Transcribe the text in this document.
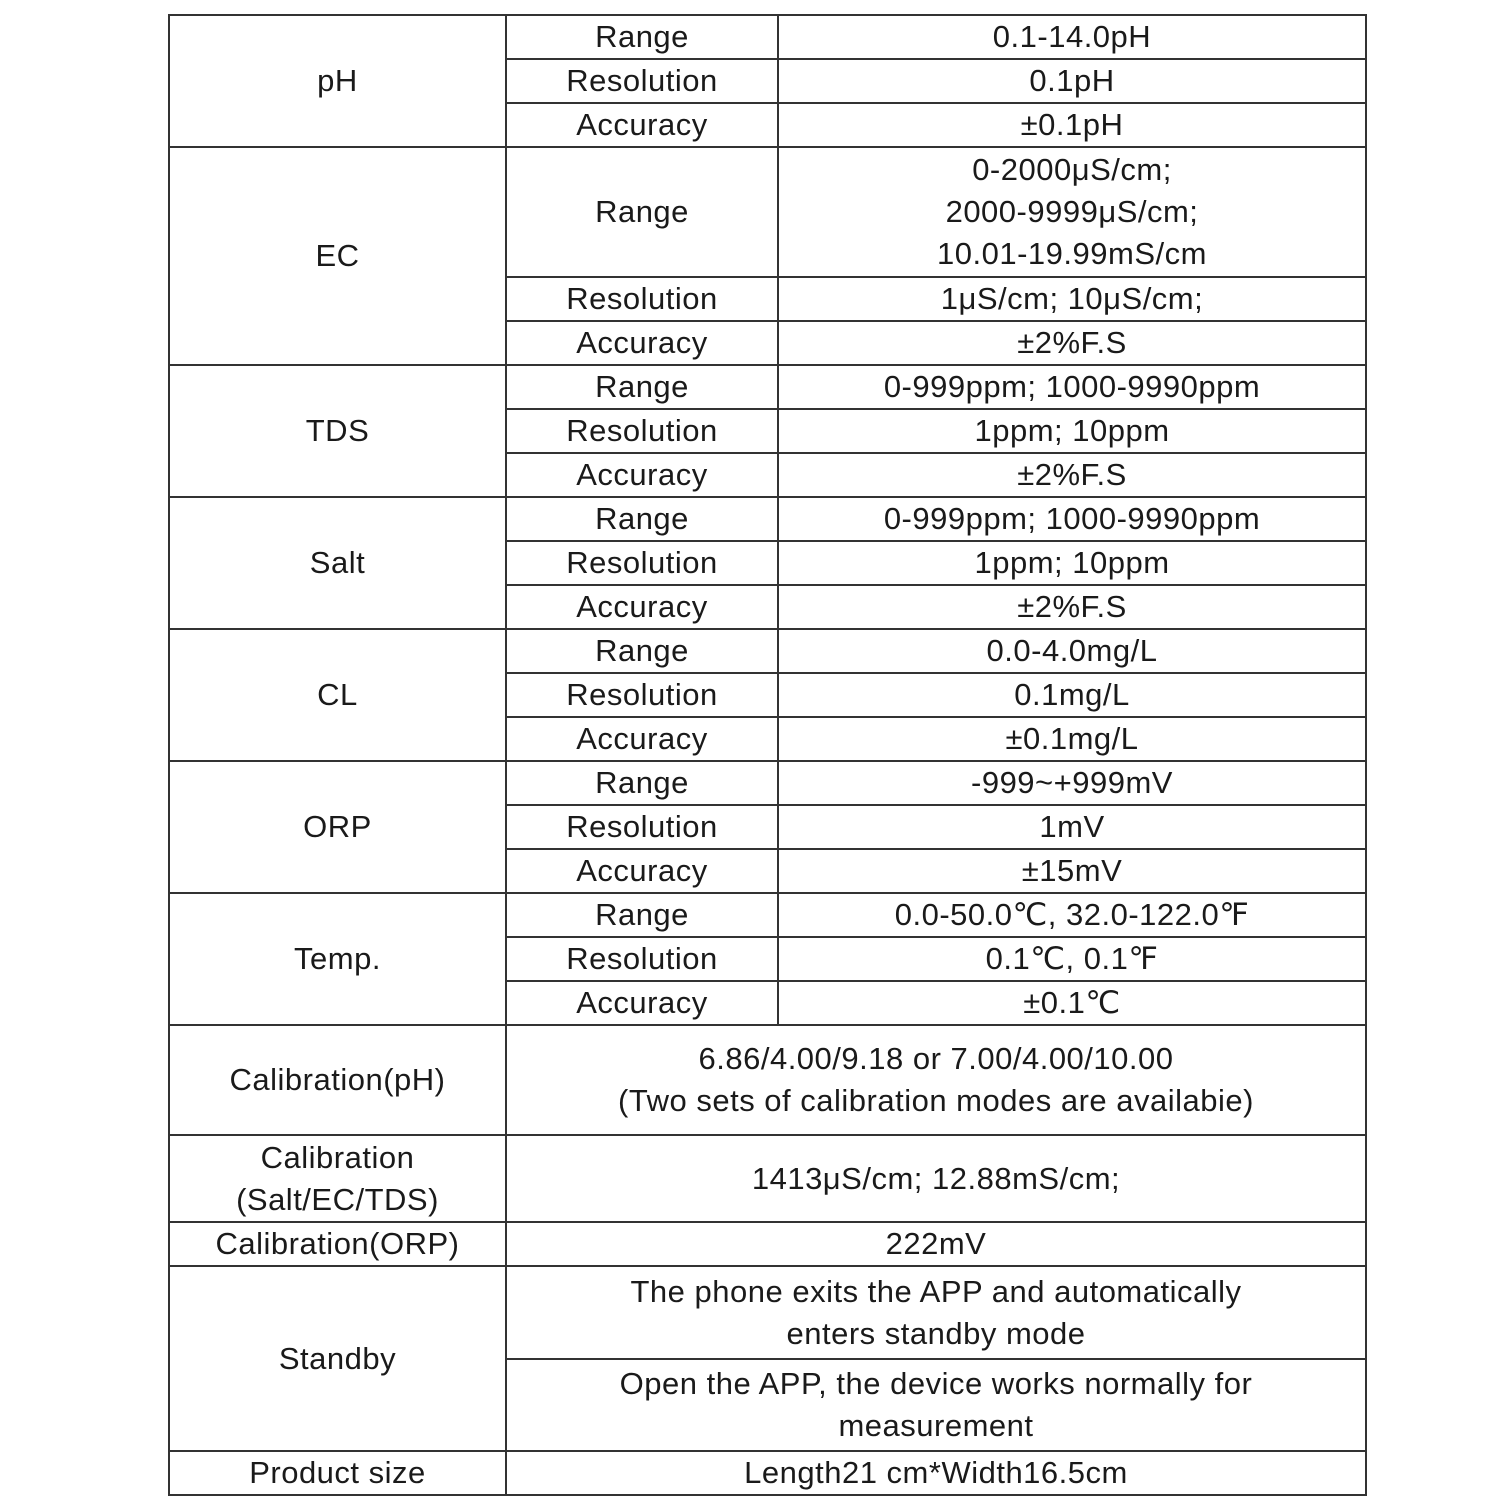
pH	Range	0.1-14.0pH
	Resolution	0.1pH
	Accuracy	±0.1pH
EC	Range	0-2000μS/cm;
2000-9999μS/cm;
10.01-19.99mS/cm

	Resolution	1μS/cm; 10μS/cm;
	Accuracy	±2%F.S
TDS	Range	0-999ppm; 1000-9990ppm
	Resolution	1ppm; 10ppm
	Accuracy	±2%F.S
Salt	Range	0-999ppm; 1000-9990ppm
	Resolution	1ppm; 10ppm
	Accuracy	±2%F.S
CL	Range	0.0-4.0mg/L
	Resolution	0.1mg/L
	Accuracy	±0.1mg/L
ORP	Range	-999~+999mV
	Resolution	1mV
	Accuracy	±15mV
Temp.	Range	0.0-50.0℃, 32.0-122.0℉
	Resolution	0.1℃, 0.1℉
	Accuracy	±0.1℃
Calibration(pH)	6.86/4.00/9.18 or 7.00/4.00/10.00
(Two sets of calibration modes are availabie)	

Calibration
(Salt/EC/TDS)	1413μS/cm; 12.88mS/cm;	
Calibration(ORP)	222mV	
Standby	The phone exits the APP and automatically
enters standby mode	

	Open the APP, the device works normally for
measurement	

Product size	Length21 cm*Width16.5cm	
